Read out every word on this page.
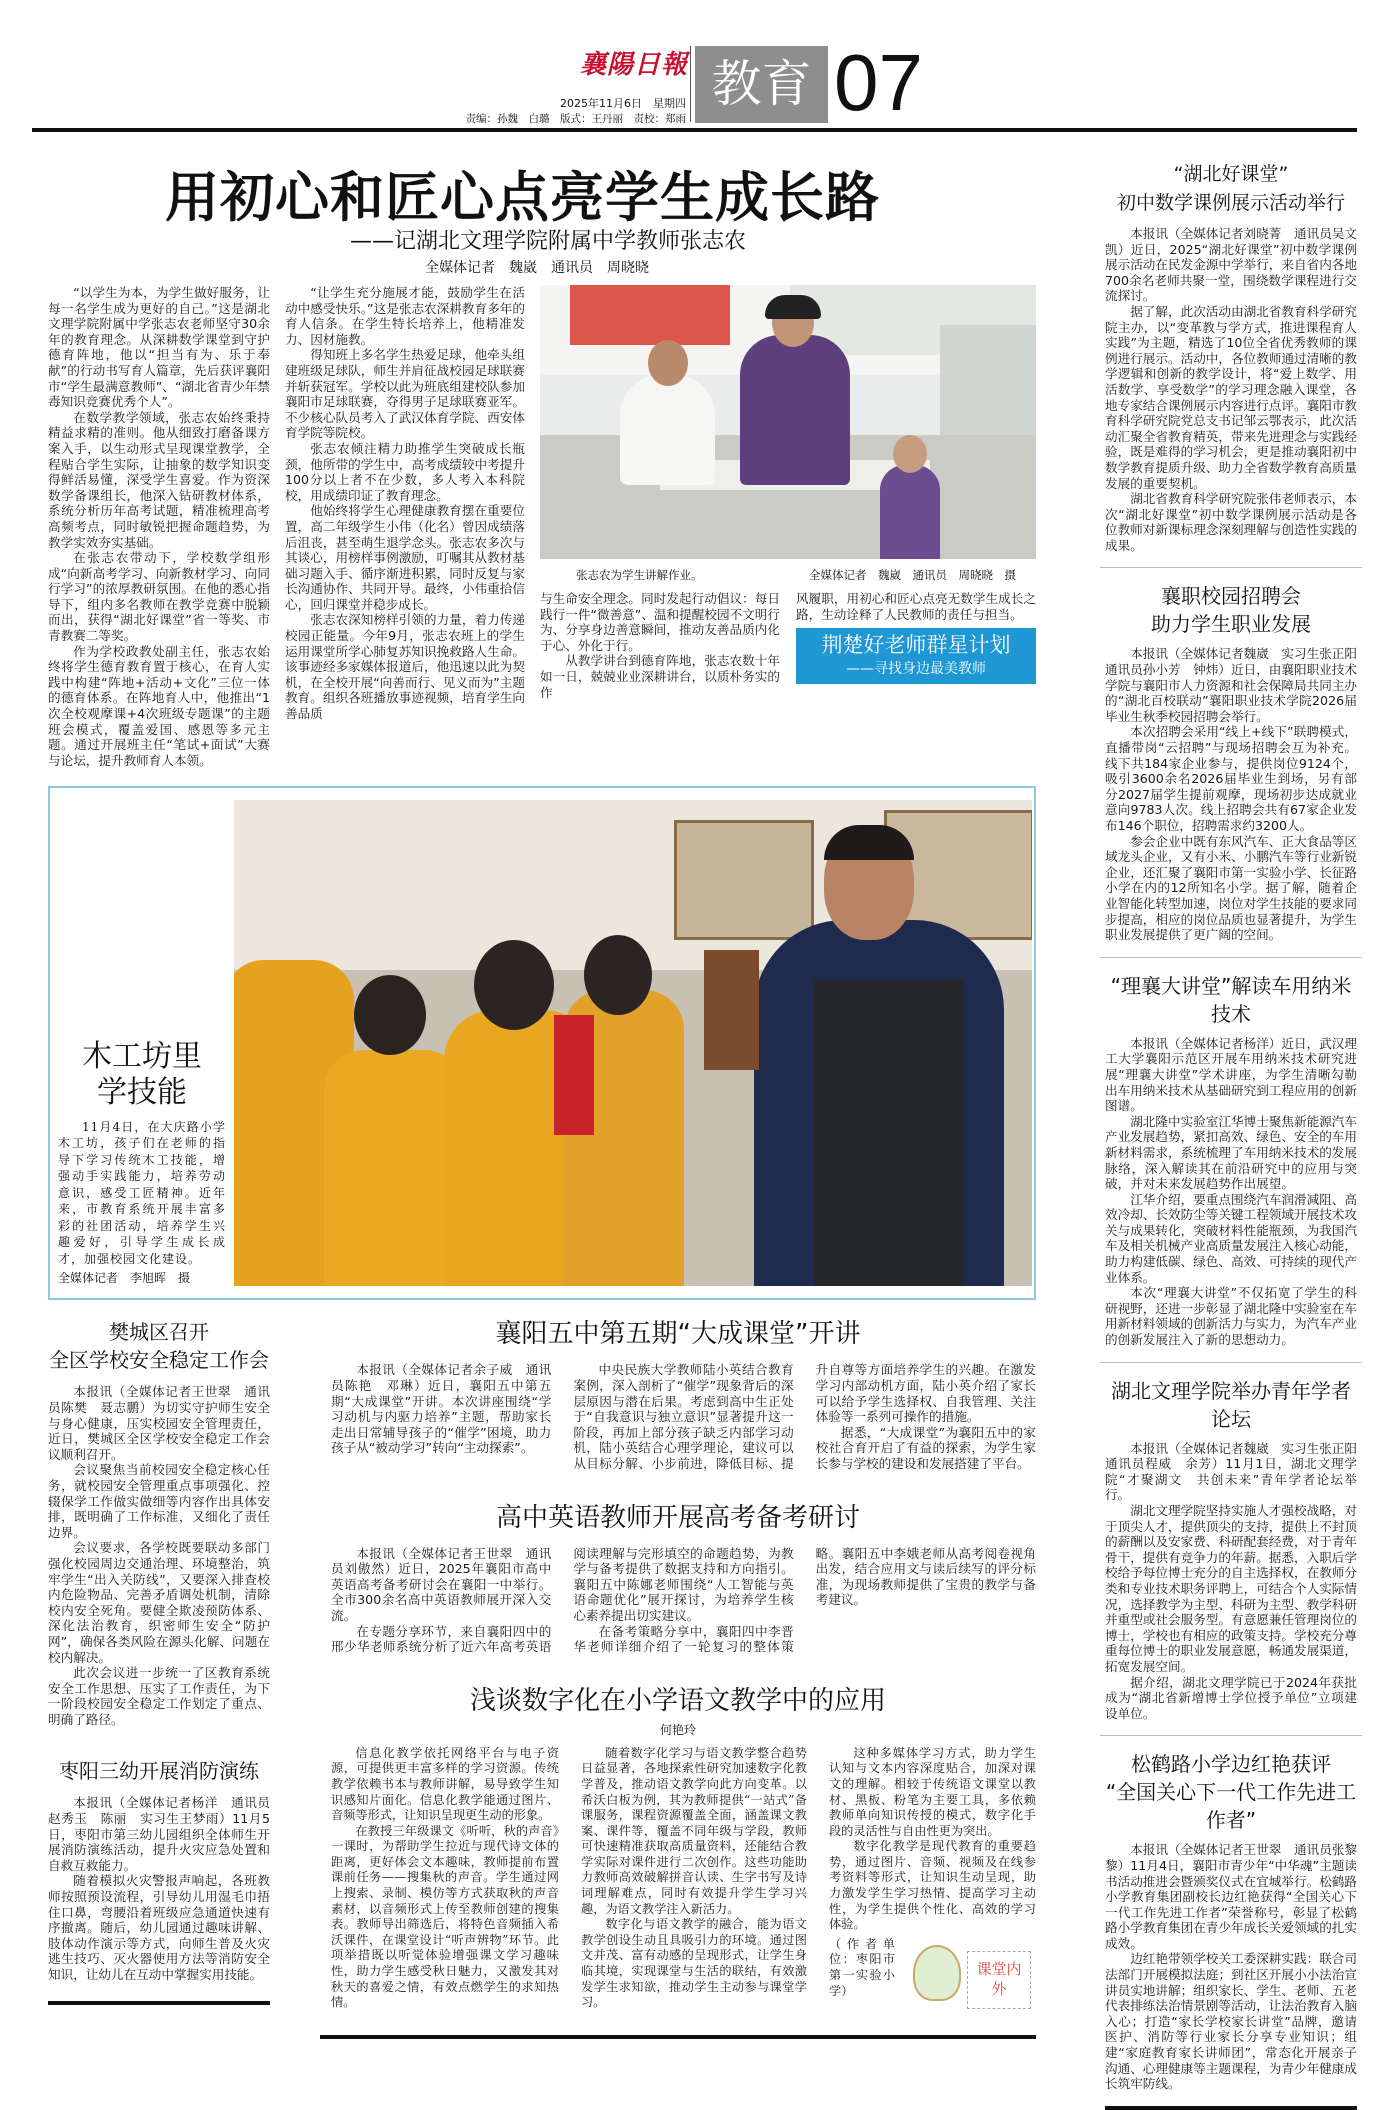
襄陽日報
2025年11月6日　星期四
责编：孙魏　白璐　版式：王丹丽　责校：郑雨
教育 07
用初心和匠心点亮学生成长路
——记湖北文理学院附属中学教师张志农
全媒体记者　魏崴　通讯员　周晓晓

“以学生为本，为学生做好服务，让每一名学生成为更好的自己。”这是湖北文理学院附属中学张志农老师坚守30余年的教育理念。从深耕数学课堂到守护德育阵地，他以“担当有为、乐于奉献”的行动书写育人篇章，先后获评襄阳市“学生最满意教师”、“湖北省青少年禁毒知识竞赛优秀个人”。

在数学教学领域，张志农始终秉持精益求精的准则。他从细致打磨备课方案入手，以生动形式呈现课堂教学，全程贴合学生实际，让抽象的数学知识变得鲜活易懂，深受学生喜爱。作为资深数学备课组长，他深入钻研教材体系，系统分析历年高考试题，精准梳理高考高频考点，同时敏锐把握命题趋势，为教学实效夯实基础。

在张志农带动下，学校数学组形成“向新高考学习、向新教材学习、向同行学习”的浓厚教研氛围。在他的悉心指导下，组内多名教师在教学竞赛中脱颖而出，获得“湖北好课堂”省一等奖、市青教赛二等奖。

作为学校政教处副主任，张志农始终将学生德育教育置于核心，在育人实践中构建“阵地+活动+文化”三位一体的德育体系。在阵地育人中，他推出“1次全校观摩课+4次班级专题课”的主题班会模式，覆盖爱国、感恩等多元主题。通过开展班主任“笔试+面试”大赛与论坛，提升教师育人本领。

“让学生充分施展才能，鼓励学生在活动中感受快乐。”这是张志农深耕教育多年的育人信条。在学生特长培养上，他精准发力、因材施教。

得知班上多名学生热爱足球，他牵头组建班级足球队，师生并肩征战校园足球联赛并斩获冠军。学校以此为班底组建校队参加襄阳市足球联赛，夺得男子足球联赛亚军。不少核心队员考入了武汉体育学院、西安体育学院等院校。

张志农倾注精力助推学生突破成长瓶颈，他所带的学生中，高考成绩较中考提升100分以上者不在少数，多人考入本科院校，用成绩印证了教育理念。

他始终将学生心理健康教育摆在重要位置，高二年级学生小伟（化名）曾因成绩落后沮丧，甚至萌生退学念头。张志农多次与其谈心，用榜样事例激励，叮嘱其从教材基础习题入手、循序渐进积累，同时反复与家长沟通协作、共同开导。最终，小伟重拾信心，回归课堂并稳步成长。

张志农深知榜样引领的力量，着力传递校园正能量。今年9月，张志农班上的学生运用课堂所学心肺复苏知识挽救路人生命。该事迹经多家媒体报道后，他迅速以此为契机，在全校开展“向善而行、见义而为”主题教育。组织各班播放事迹视频，培育学生向善品质

张志农为学生讲解作业。	全媒体记者　魏崴　通讯员　周晓晓　摄

与生命安全理念。同时发起行动倡议：每日践行一件“微善意”、温和提醒校园不文明行为、分享身边善意瞬间，推动友善品质内化于心、外化于行。

从教学讲台到德育阵地，张志农数十年如一日，兢兢业业深耕讲台，以质朴务实的作

风履职，用初心和匠心点亮无数学生成长之路，生动诠释了人民教师的责任与担当。

荆楚好老师群星计划
——寻找身边最美教师
木工坊里
学技能
11月4日，在大庆路小学木工坊，孩子们在老师的指导下学习传统木工技能，增强动手实践能力，培养劳动意识，感受工匠精神。近年来，市教育系统开展丰富多彩的社团活动，培养学生兴趣爱好，引导学生成长成才，加强校园文化建设。
全媒体记者　李旭晖　摄
樊城区召开
全区学校安全稳定工作会

本报讯（全媒体记者王世翠　通讯员陈樊　聂志鹏）为切实守护师生安全与身心健康，压实校园安全管理责任，近日，樊城区全区学校安全稳定工作会议顺利召开。

会议聚焦当前校园安全稳定核心任务，就校园安全管理重点事项强化、控辍保学工作做实做细等内容作出具体安排，既明确了工作标准，又细化了责任边界。

会议要求，各学校既要联动多部门强化校园周边交通治理、环境整治，筑牢学生“出入关防线”，又要深入排查校内危险物品、完善矛盾调处机制，清除校内安全死角。要健全欺凌预防体系、深化法治教育，织密师生安全“防护网”，确保各类风险在源头化解、问题在校内解决。

此次会议进一步统一了区教育系统安全工作思想、压实了工作责任，为下一阶段校园安全稳定工作划定了重点、明确了路径。

枣阳三幼开展消防演练

本报讯（全媒体记者杨洋　通讯员赵秀玉　陈丽　实习生王梦雨）11月5日，枣阳市第三幼儿园组织全体师生开展消防演练活动，提升火灾应急处置和自救互救能力。

随着模拟火灾警报声响起，各班教师按照预设流程，引导幼儿用湿毛巾捂住口鼻，弯腰沿着班级应急通道快速有序撤离。随后，幼儿园通过趣味讲解、肢体动作演示等方式，向师生普及火灾逃生技巧、灭火器使用方法等消防安全知识，让幼儿在互动中掌握实用技能。

襄阳五中第五期“大成课堂”开讲

本报讯（全媒体记者余子威　通讯员陈艳　邓琳）近日，襄阳五中第五期“大成课堂”开讲。本次讲座围绕“学习动机与内驱力培养”主题，帮助家长走出日常辅导孩子的“催学”困境，助力孩子从“被动学习”转向“主动探索”。

中央民族大学教师陆小英结合教育案例，深入剖析了“催学”现象背后的深层原因与潜在后果。考虑到高中生正处于“自我意识与独立意识”显著提升这一阶段，再加上部分孩子缺乏内部学习动机，陆小英结合心理学理论，建议可以从目标分解、小步前进，降低目标、提升自尊等方面培养学生的兴趣。在激发学习内部动机方面，陆小英介绍了家长可以给予学生选择权、自我管理、关注体验等一系列可操作的措施。

据悉，“大成课堂”为襄阳五中的家校社合育开启了有益的探索，为学生家长参与学校的建设和发展搭建了平台。

高中英语教师开展高考备考研讨

本报讯（全媒体记者王世翠　通讯员刘傲然）近日，2025年襄阳市高中英语高考备考研讨会在襄阳一中举行。全市300余名高中英语教师展开深入交流。

在专题分享环节，来自襄阳四中的邢少华老师系统分析了近六年高考英语阅读理解与完形填空的命题趋势，为教学与备考提供了数据支持和方向指引。襄阳五中陈娜老师围绕“人工智能与英语命题优化”展开探讨，为培养学生核心素养提出切实建议。

在备考策略分享中，襄阳四中李晋华老师详细介绍了一轮复习的整体策略。襄阳五中李娥老师从高考阅卷视角出发，结合应用文与读后续写的评分标准，为现场教师提供了宝贵的教学与备考建议。

浅谈数字化在小学语文教学中的应用
何艳玲

信息化教学依托网络平台与电子资源，可提供更丰富多样的学习资源。传统教学依赖书本与教师讲解，易导致学生知识感知片面化。信息化教学能通过图片、音频等形式，让知识呈现更生动的形象。

在教授三年级课文《听听，秋的声音》一课时，为帮助学生拉近与现代诗文体的距离，更好体会文本趣味，教师提前布置课前任务——搜集秋的声音。学生通过网上搜索、录制、模仿等方式获取秋的声音素材，以音频形式上传至教师创建的搜集表。教师导出筛选后，将特色音频插入希沃课件，在课堂设计“听声辨物”环节。此项举措既以听觉体验增强课文学习趣味性，助力学生感受秋日魅力，又激发其对秋天的喜爱之情，有效点燃学生的求知热情。

随着数字化学习与语文教学整合趋势日益显著，各地探索性研究加速数字化教学普及，推动语文教学向此方向变革。以希沃白板为例，其为教师提供“一站式”备课服务，课程资源覆盖全面，涵盖课文教案、课件等，覆盖不同年级与学段，教师可快速精准获取高质量资料，还能结合教学实际对课件进行二次创作。这些功能助力教师高效破解拼音认读、生字书写及诗词理解难点，同时有效提升学生学习兴趣，为语文教学注入新活力。

数字化与语文教学的融合，能为语文教学创设生动且具吸引力的环境。通过图文并茂、富有动感的呈现形式，让学生身临其境，实现课堂与生活的联结，有效激发学生求知欲，推动学生主动参与课堂学习。

这种多媒体学习方式，助力学生认知与文本内容深度贴合，加深对课文的理解。相较于传统语文课堂以教材、黑板、粉笔为主要工具，多依赖教师单向知识传授的模式，数字化手段的灵活性与自由性更为突出。

数字化教学是现代教育的重要趋势，通过图片、音频、视频及在线参考资料等形式，让知识生动呈现，助力激发学生学习热情、提高学习主动性，为学生提供个性化、高效的学习体验。

（作者单位：枣阳市第一实验小学）
课堂内外
“湖北好课堂”
初中数学课例展示活动举行

本报讯（全媒体记者刘晓菁　通讯员吴文凯）近日，2025“湖北好课堂”初中数学课例展示活动在民发金源中学举行，来自省内各地700余名老师共聚一堂，围绕数学课程进行交流探讨。

据了解，此次活动由湖北省教育科学研究院主办，以“变革教与学方式，推进课程育人实践”为主题，精选了10位全省优秀教师的课例进行展示。活动中，各位教师通过清晰的教学逻辑和创新的教学设计，将“爱上数学、用活数学、享受数学”的学习理念融入课堂，各地专家结合课例展示内容进行点评。襄阳市教育科学研究院党总支书记邹云鄂表示，此次活动汇聚全省教育精英，带来先进理念与实践经验，既是难得的学习机会，更是推动襄阳初中数学教育提质升级、助力全省数学教育高质量发展的重要契机。

湖北省教育科学研究院张伟老师表示，本次“湖北好课堂”初中数学课例展示活动是各位教师对新课标理念深刻理解与创造性实践的成果。

襄职校园招聘会
助力学生职业发展

本报讯（全媒体记者魏崴　实习生张正阳　通讯员孙小芳　钟炜）近日，由襄阳职业技术学院与襄阳市人力资源和社会保障局共同主办的“湖北百校联动”襄阳职业技术学院2026届毕业生秋季校园招聘会举行。

本次招聘会采用“线上+线下”联聘模式，直播带岗“云招聘”与现场招聘会互为补充。线下共184家企业参与，提供岗位9124个，吸引3600余名2026届毕业生到场，另有部分2027届学生提前观摩，现场初步达成就业意向9783人次。线上招聘会共有67家企业发布146个职位，招聘需求约3200人。

参会企业中既有东风汽车、正大食品等区域龙头企业，又有小米、小鹏汽车等行业新锐企业，还汇聚了襄阳市第一实验小学、长征路小学在内的12所知名小学。据了解，随着企业智能化转型加速，岗位对学生技能的要求同步提高，相应的岗位品质也显著提升，为学生职业发展提供了更广阔的空间。

“理襄大讲堂”解读车用纳米技术

本报讯（全媒体记者杨洋）近日，武汉理工大学襄阳示范区开展车用纳米技术研究进展“理襄大讲堂”学术讲座，为学生清晰勾勒出车用纳米技术从基础研究到工程应用的创新图谱。

湖北隆中实验室江华博士聚焦新能源汽车产业发展趋势，紧扣高效、绿色、安全的车用新材料需求，系统梳理了车用纳米技术的发展脉络，深入解读其在前沿研究中的应用与突破，并对未来发展趋势作出展望。

江华介绍，要重点围绕汽车润滑减阻、高效冷却、长效防尘等关键工程领域开展技术攻关与成果转化，突破材料性能瓶颈，为我国汽车及相关机械产业高质量发展注入核心动能，助力构建低碳、绿色、高效、可持续的现代产业体系。

本次“理襄大讲堂”不仅拓宽了学生的科研视野，还进一步彰显了湖北隆中实验室在车用新材料领域的创新活力与实力，为汽车产业的创新发展注入了新的思想动力。

湖北文理学院举办青年学者论坛

本报讯（全媒体记者魏崴　实习生张正阳　通讯员程威　余芳）11月1日，湖北文理学院“才聚湖文　共创未来”青年学者论坛举行。

湖北文理学院坚持实施人才强校战略，对于顶尖人才，提供顶尖的支持，提供上不封顶的薪酬以及安家费、科研配套经费，对于青年骨干，提供有竞争力的年薪。据悉，入职后学校给予每位博士充分的自主选择权，在教师分类和专业技术职务评聘上，可结合个人实际情况，选择教学为主型、科研为主型、教学科研并重型或社会服务型。有意愿兼任管理岗位的博士，学校也有相应的政策支持。学校充分尊重每位博士的职业发展意愿，畅通发展渠道，拓宽发展空间。

据介绍，湖北文理学院已于2024年获批成为“湖北省新增博士学位授予单位”立项建设单位。

松鹤路小学边红艳获评
“全国关心下一代工作先进工作者”

本报讯（全媒体记者王世翠　通讯员张黎黎）11月4日，襄阳市青少年“中华魂”主题读书活动推进会暨颁奖仪式在宜城举行。松鹤路小学教育集团副校长边红艳获得“全国关心下一代工作先进工作者”荣誉称号，彰显了松鹤路小学教育集团在青少年成长关爱领域的扎实成效。

边红艳带领学校关工委深耕实践：联合司法部门开展模拟法庭；到社区开展小小法治宣讲员实地讲解；组织家长、学生、老师、五老代表排练法治情景剧等活动，让法治教育入脑入心；打造“家长学校家长讲堂”品牌，邀请医护、消防等行业家长分享专业知识；组建“家庭教育家长讲师团”，常态化开展亲子沟通、心理健康等主题课程，为青少年健康成长筑牢防线。
